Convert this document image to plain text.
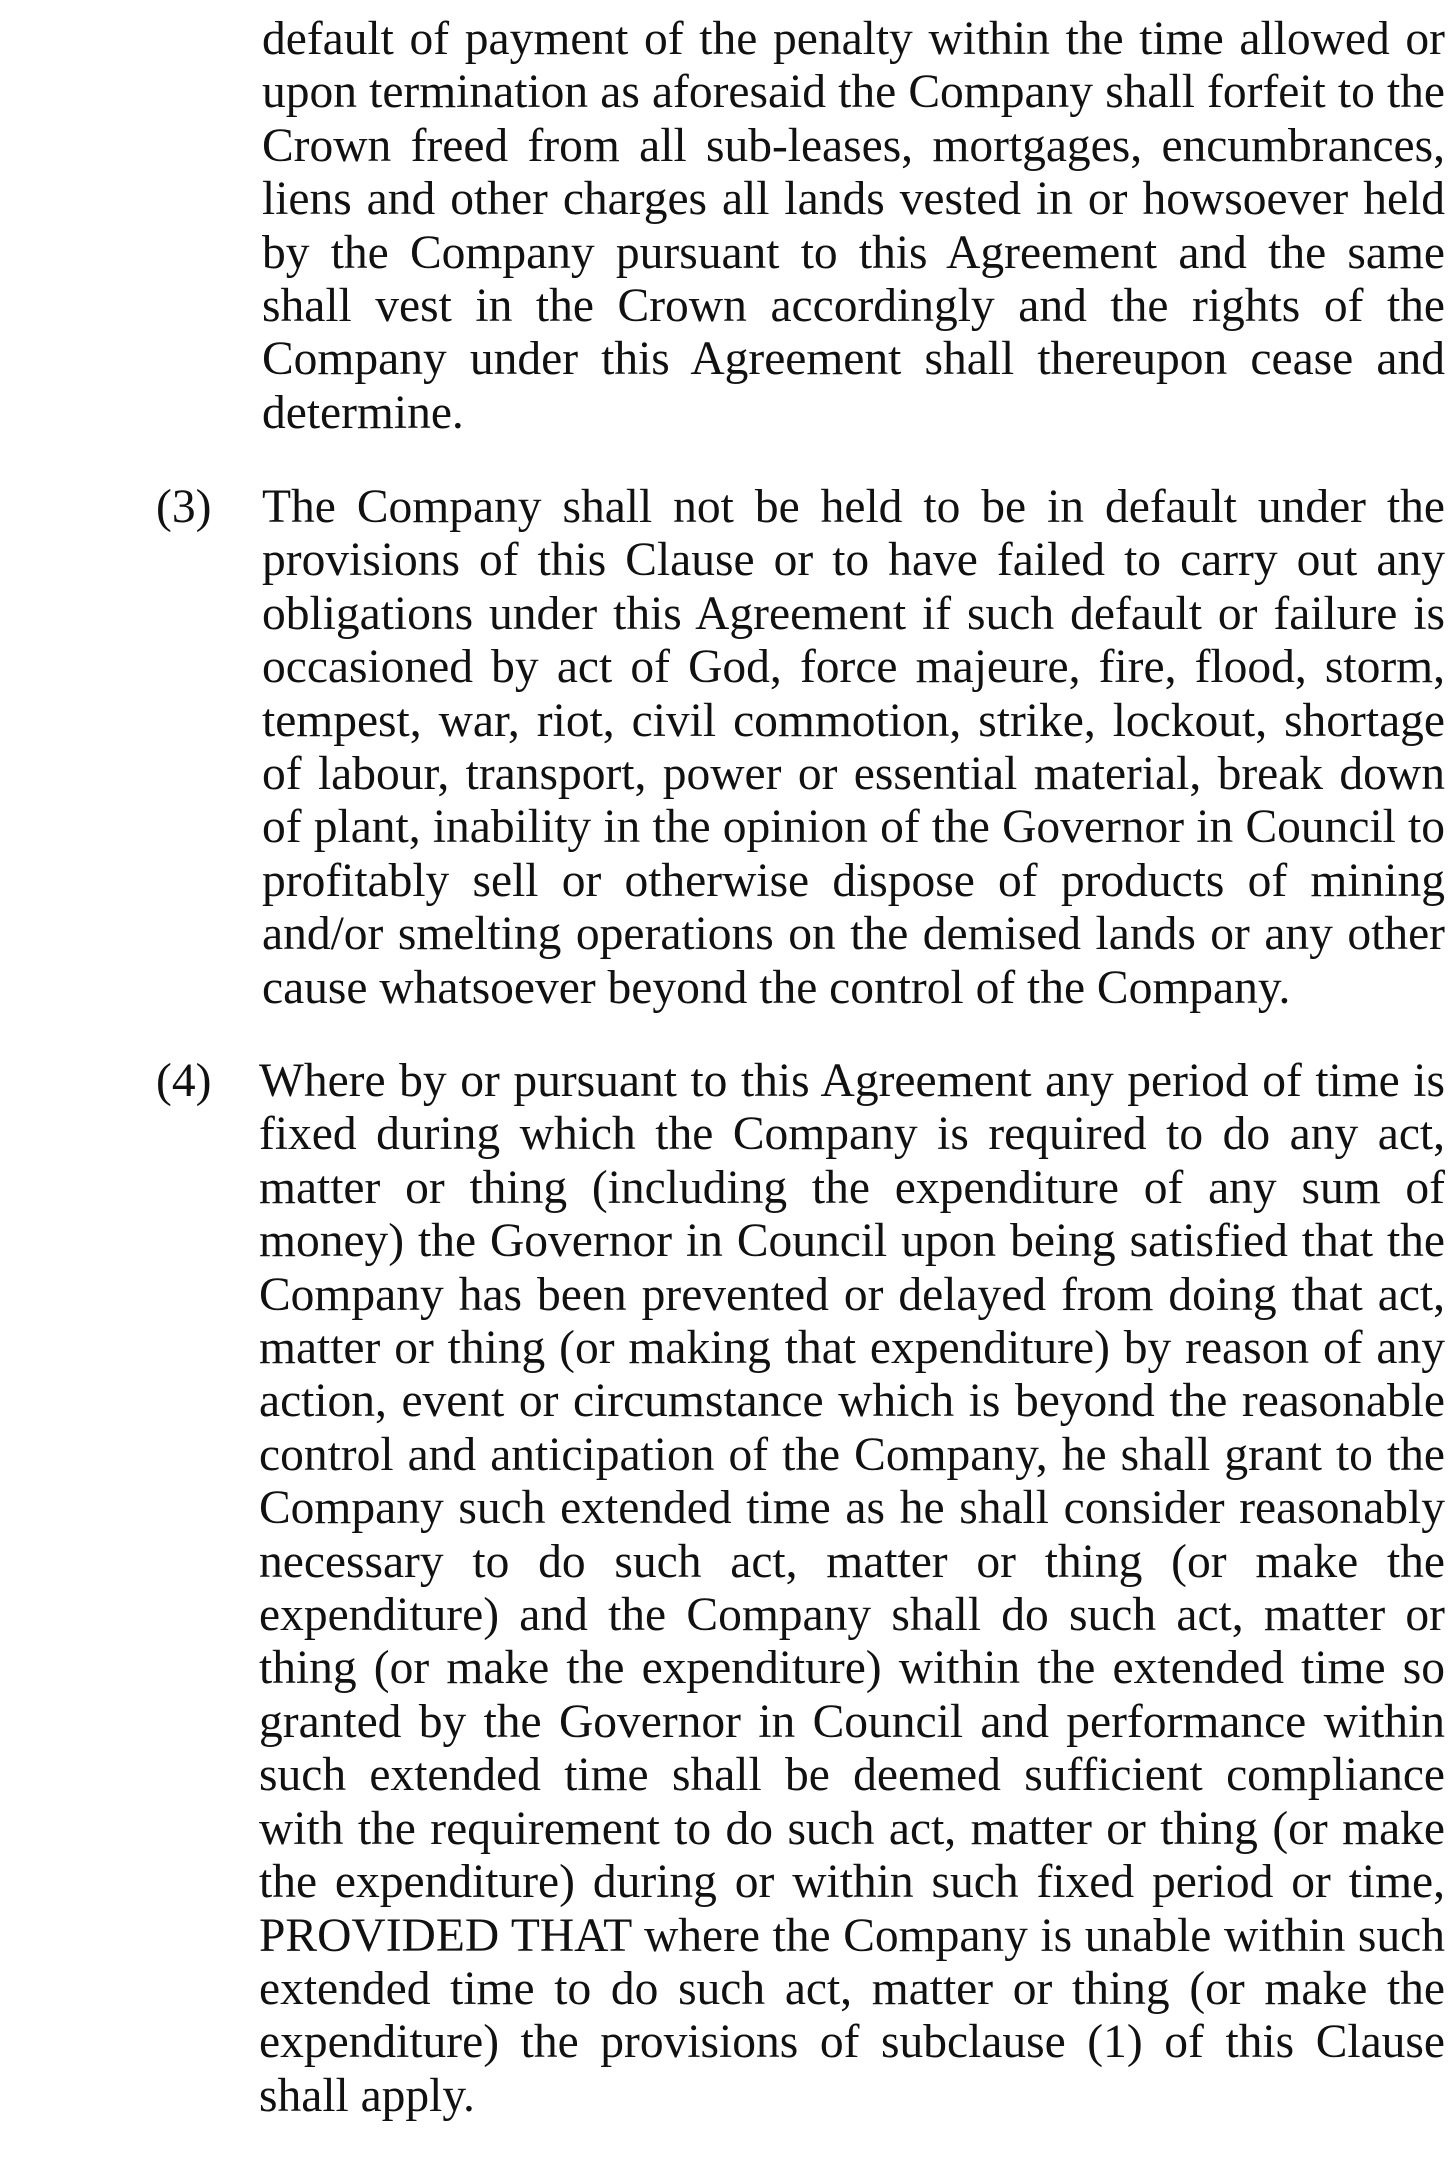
default of payment of the penalty within the time allowed or upon termination as aforesaid the Company shall forfeit to the Crown freed from all sub-leases, mortgages, encumbrances, liens and other charges all lands vested in or howsoever held by the Company pursuant to this Agreement and the same shall vest in the Crown accordingly and the rights of the Company under this Agreement shall thereupon cease and determine.
(3) The Company shall not be held to be in default under the provisions of this Clause or to have failed to carry out any obligations under this Agreement if such default or failure is occasioned by act of God, force majeure, fire, flood, storm, tempest, war, riot, civil commotion, strike, lockout, shortage of labour, transport, power or essential material, break down of plant, inability in the opinion of the Governor in Council to profitably sell or otherwise dispose of products of mining and/or smelting operations on the demised lands or any other cause whatsoever beyond the control of the Company.
(4) Where by or pursuant to this Agreement any period of time is fixed during which the Company is required to do any act, matter or thing (including the expenditure of any sum of money) the Governor in Council upon being satisfied that the Company has been prevented or delayed from doing that act, matter or thing (or making that expenditure) by reason of any action, event or circumstance which is beyond the reasonable control and anticipation of the Company, he shall grant to the Company such extended time as he shall consider reasonably necessary to do such act, matter or thing (or make the expenditure) and the Company shall do such act, matter or thing (or make the expenditure) within the extended time so granted by the Governor in Council and performance within such extended time shall be deemed sufficient compliance with the requirement to do such act, matter or thing (or make the expenditure) during or within such fixed period or time, PROVIDED THAT where the Company is unable within such extended time to do such act, matter or thing (or make the expenditure) the provisions of subclause (1) of this Clause shall apply.
